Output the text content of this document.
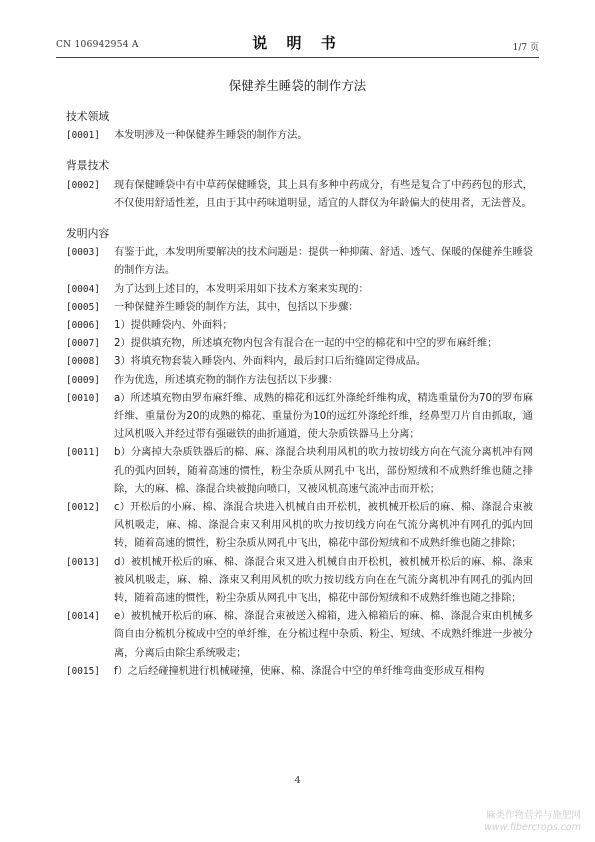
CN 106942954 A	说 明 书	1/7 页
保健养生睡袋的制作方法
技术领域

[0001] 本发明涉及一种保健养生睡袋的制作方法。

背景技术

[0002] 现有保健睡袋中有中草药保健睡袋，其上具有多种中药成分，有些是复合了中药药包的形式，不仅使用舒适性差，且由于其中药味道明显，适宜的人群仅为年龄偏大的使用者，无法普及。

发明内容

[0003] 有鉴于此，本发明所要解决的技术问题是：提供一种抑菌、舒适、透气、保暖的保健养生睡袋的制作方法。

[0004] 为了达到上述目的，本发明采用如下技术方案来实现的：

[0005] 一种保健养生睡袋的制作方法，其中，包括以下步骤：

[0006] 1）提供睡袋内、外面料；

[0007] 2）提供填充物，所述填充物内包含有混合在一起的中空的棉花和中空的罗布麻纤维；

[0008] 3）将填充物套装入睡袋内、外面料内，最后封口后绗缝固定得成品。

[0009] 作为优选，所述填充物的制作方法包括以下步骤：

[0010] a）所述填充物由罗布麻纤维、成熟的棉花和远红外涤纶纤维构成，精选重量份为70的罗布麻纤维、重量份为20的成熟的棉花、重量份为10的远红外涤纶纤维，经鼻型刀片自由抓取，通过风机吸入并经过带有强磁铁的曲折通道，使大杂质铁器马上分离；

[0011] b）分离掉大杂质铁器后的棉、麻、涤混合块利用风机的吹力按切线方向在气流分离机冲有网孔的弧内回转，随着高速的惯性，粉尘杂质从网孔中飞出，部份短绒和不成熟纤维也随之排除，大的麻、棉、涤混合块被抛向喷口，又被风机高速气流冲击而开松；

[0012] c）开松后的小麻、棉、涤混合块进入机械自由开松机，被机械开松后的麻、棉、涤混合束被风机吸走，麻、棉、涤混合束又利用风机的吹力按切线方向在气流分离机冲有网孔的弧内回转，随着高速的惯性，粉尘杂质从网孔中飞出，棉花中部份短绒和不成熟纤维也随之排除；

[0013] d）被机械开松后的麻、棉、涤混合束又进入机械自由开松机，被机械开松后的麻、棉、涤束被风机吸走，麻、棉、涤束又利用风机的吹力按切线方向在在气流分离机冲有网孔的弧内回转，随着高速的惯性，粉尘杂质从网孔中飞出，棉花中部份短绒和不成熟纤维也随之排除；

[0014] e）被机械开松后的麻、棉、涤混合束被送入棉箱，进入棉箱后的麻、棉、涤混合束由机械多筒自由分梳机分梳成中空的单纤维，在分梳过程中杂质、粉尘、短绒、不成熟纤维进一步被分离，分离后由除尘系统吸走；

[0015] f）之后经碰撞机进行机械碰撞，使麻、棉、涤混合中空的单纤维弯曲变形成互相构

4
麻类作物营养与施肥网
www.fibercrops.com
